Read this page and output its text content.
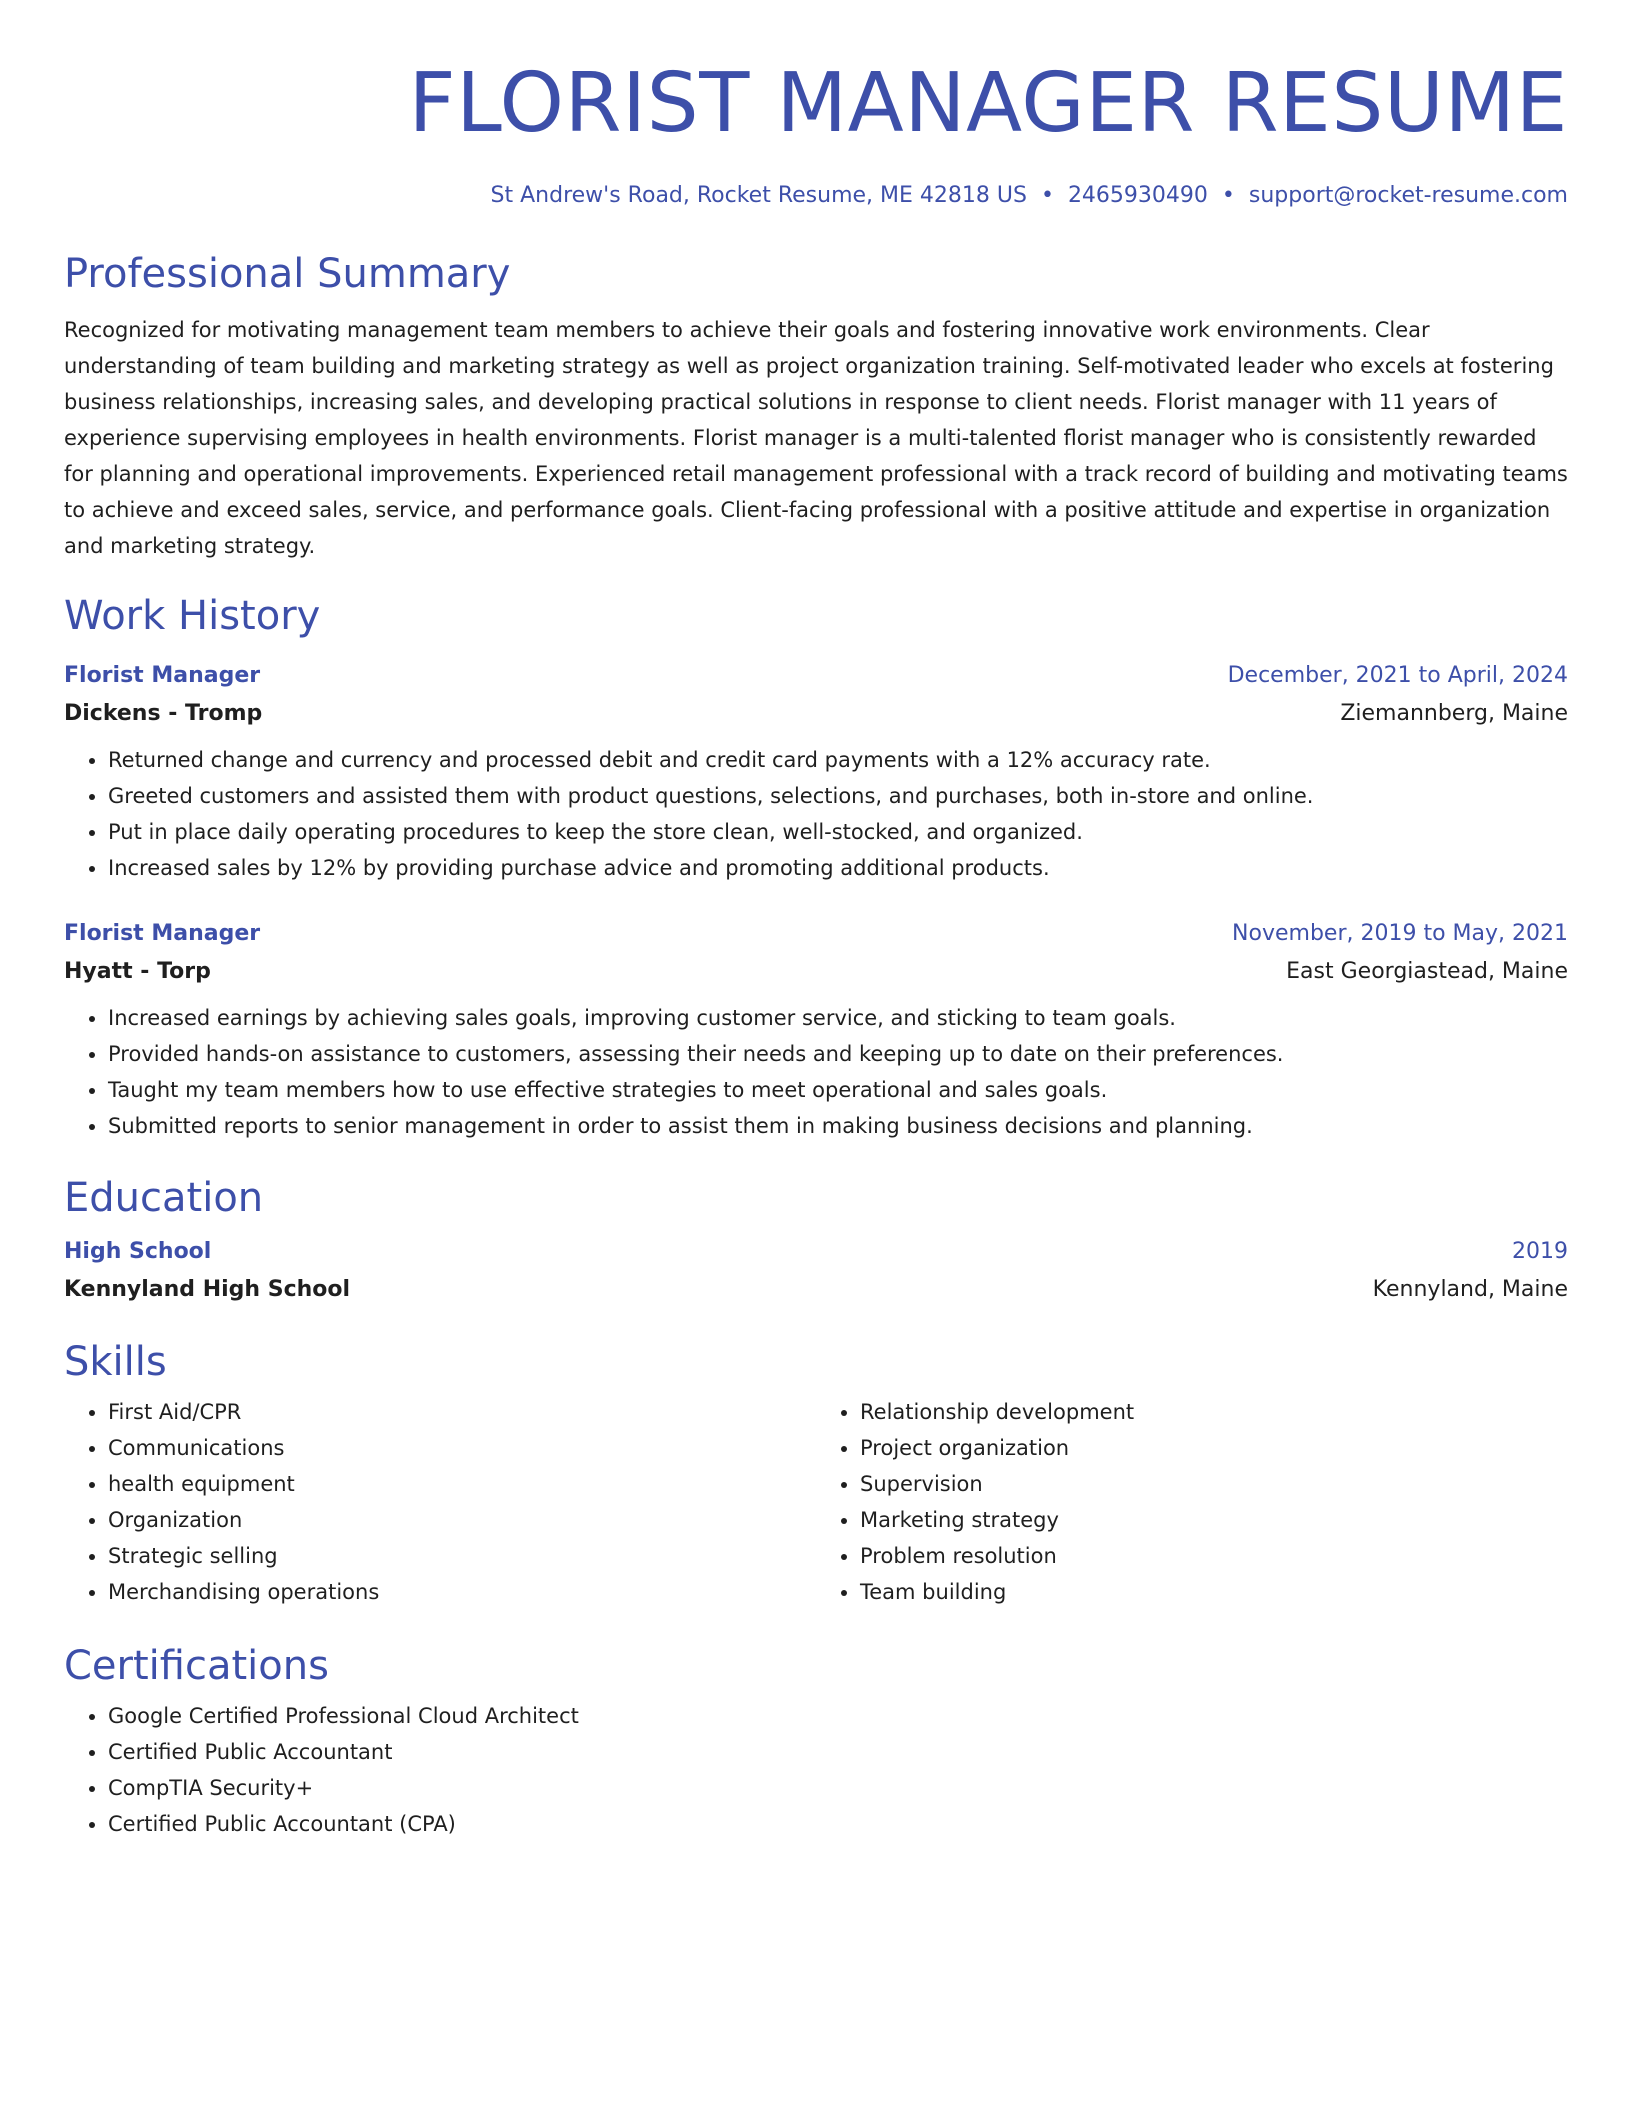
FLORIST MANAGER RESUME
St Andrew's Road, Rocket Resume, ME 42818 US • 2465930490 • support@rocket-resume.com
Professional Summary
Recognized for motivating management team members to achieve their goals and fostering innovative work environments. Clear understanding of team building and marketing strategy as well as project organization training. Self-motivated leader who excels at fostering business relationships, increasing sales, and developing practical solutions in response to client needs. Florist manager with 11 years of experience supervising employees in health environments. Florist manager is a multi-talented florist manager who is consistently rewarded for planning and operational improvements. Experienced retail management professional with a track record of building and motivating teams to achieve and exceed sales, service, and performance goals. Client-facing professional with a positive attitude and expertise in organization and marketing strategy.
Work History
Florist Manager	December, 2021 to April, 2024
Dickens - Tromp	Ziemannberg, Maine
• Returned change and currency and processed debit and credit card payments with a 12% accuracy rate.
• Greeted customers and assisted them with product questions, selections, and purchases, both in-store and online.
• Put in place daily operating procedures to keep the store clean, well-stocked, and organized.
• Increased sales by 12% by providing purchase advice and promoting additional products.
Florist Manager	November, 2019 to May, 2021
Hyatt - Torp	East Georgiastead, Maine
• Increased earnings by achieving sales goals, improving customer service, and sticking to team goals.
• Provided hands-on assistance to customers, assessing their needs and keeping up to date on their preferences.
• Taught my team members how to use effective strategies to meet operational and sales goals.
• Submitted reports to senior management in order to assist them in making business decisions and planning.
Education
High School	2019
Kennyland High School	Kennyland, Maine
Skills
• First Aid/CPR
• Communications
• health equipment
• Organization
• Strategic selling
• Merchandising operations
• Relationship development
• Project organization
• Supervision
• Marketing strategy
• Problem resolution
• Team building
Certifications
• Google Certified Professional Cloud Architect
• Certified Public Accountant
• CompTIA Security+
• Certified Public Accountant (CPA)
